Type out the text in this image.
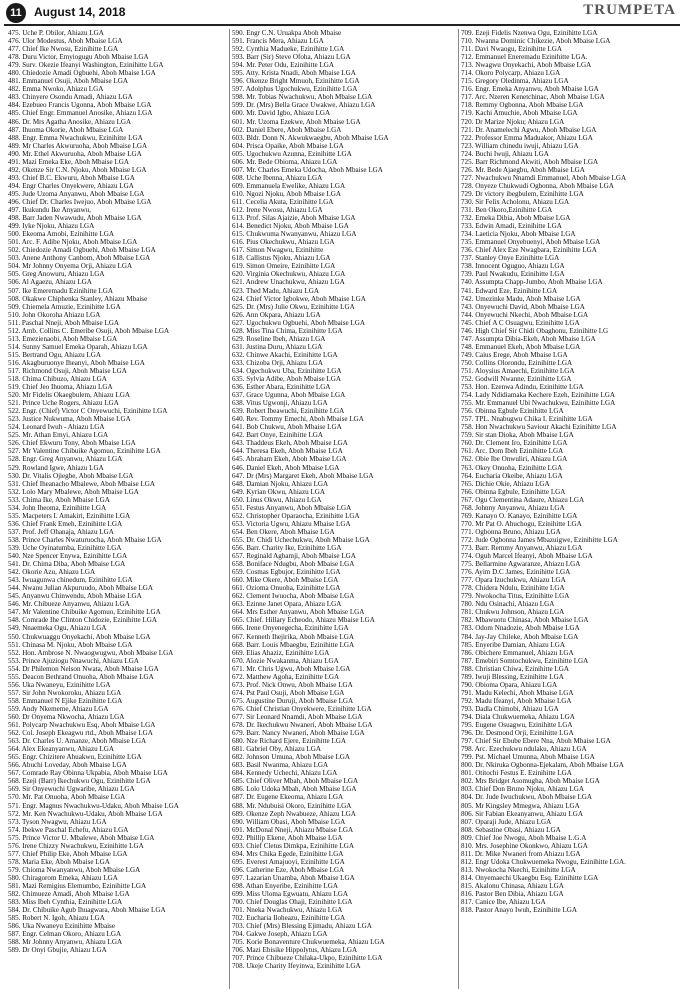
11	August 14, 2018	TRUMPETA
475. Uche P. Obilor, Ahiazu LGA
476. Ulor Modestus, Aboh Mbaise LGA
477. Chief Ike Nwosu, Ezinihitte LGA
478. Duru Victor, Emyiogugu Aboh Mbaise LGA
479. Surv. Okezie Ifeanyi Washington, Ezinihitte LGA
480. Chiedozie Amadi Ogbuehi, Aboh Mbaise LGA
481. Emmanuel Osuji, Aboh Mbaise LGA
482. Emma Nwoko, Ahiazu LGA
483. Chinyere Osondu Amadi, Ahiazu LGA
484. Ezebueo Francis Ugonna, Aboh Mbaise LGA
485. Chief Engr. Emmanuel Anosike, Ahiazu LGA
486. Dr. Mrs Agatha Anosike, Ahiazu LGA
487. Ihuoma Okorie, Aboh Mbaise LGA
488. Engr. Emma Nwachukwu, Ezinihitte LGA
489. Mr Charles Akwuruoha, Aboh Mbaise LGA
490. Mr. Ethel Akwuruoha, Aboh Mbaise LGA
491. Mazi Emeka Eke, Aboh Mbaise LGA
492. Okenze Sir C.N. Njoku, Aboh Mbaise LGA
493. Chief B.C. Ekwuru, Aboh Mbaise LGA
494. Engr Charles Onyekwere, Ahiazu LGA
495. Jude Uzoma Anyanwu, Aboh Mbaise LGA
496. Chief Dr. Charles Iwejuo, Aboh Mbaise LGA
497. Ikukundu Ike Anyanwu,
498. Barr Jaden Nwawudu, Aboh Mbaise LGA
499. Iyke Njoku, Ahiazu LGA
500. Ekeoma Amobi, Ezinihitte LGA
501. Arc. F. Adibe Njoku, Aboh Mbaise LGA
502. Chiedozie Amadi Ogbuehi, Aboh Mbaise LGA
503. Anene Anthony Canbom, Aboh Mbaise LGA
504. Mr Johnny Onyema Orji, Ahiazu LGA
505. Greg Anowuru, Ahiazu LGA
506. Al Agaezu, Ahiazu LGA
507. Ike Emeremadu Ezinihitte LGA
508. Okakwe Chiphenka Stanley, Ahiazu Mbaise
509. Chiemela Amuzie, Ezinihitte LGA
510. John Okoroha Ahiazu LGA
511. Paschal Nneji, Aboh Mbaise LGA
512. Amb. Collins C. Emeribe Osuji, Aboh Mbaise LGA
513. Emezienaobi, Aboh Mbaise LGA
514. Sunny Samuel Emeka Oparah, Ahiazu LGA
515. Bertrand Ogu, Ahiazu LGA
516. Akagburuonye Iheanyi, Aboh Mbaise LGA
517. Richmond Osuji, Aboh Mbaise LGA
518. Chima Chibuzo, Ahiazu LGA
519. Chief Jeo Ihuoma, Ahiazu LGA
520. Mr Fidelis Okaegbulem, Ahiazu LGA
521. Prince Uche Rogers, Ahiazu LGA
522. Engr. (Chief) Victor C Onyewuchi, Ezinihitte LGA
523. Justice Nukwuma, Aboh Mbaise LGA
524. Leonard Iwuh - Ahiazu LGA
525. Mr. Athan Emyi, Ahiazu LGA
526. Chief Ekwuru Tony, Aboh Mbaise LGA
527. Mr Valentine Chibuike Agomuo, Ezinihitte LGA
528. Engr. Greg Anyanwu, Ahiazu LGA
529. Rowland Igwe, Ahiazu LGA
530. Dr. Vitalis Ojiegbe, Aboh Mbaise LGA
531. Chief Iheanacho Mbalewe, Aboh Mbaise LGA
532. Lolo Mary Mbalewe, Aboh Mbaise LGA
533. Chima Ike, Aboh Mbaise LGA
534. John Iheoma, Ezinihitte LGA
535. Macpeters I. Amakiri, Ezinihitte LGA
536. Chief Frank Emeh, Ezinihitte LGA
537. Prof. Jeff Ohanaja, Ahiazu LGA
538. Prince Charles Nwaturuocha, Aboh Mbaise LGA
539. Uche Oyinatumba, Ezinihitte LGA
540. Nze Spencer Enywa, Ezinihitte LGA
541. Dr. Chima Diba, Aboh Mbaise LGA
542. Okorie Azu, Ahiazu LGA
543. Iwuagunwa chinedum, Ezinihitte LGA
544. Nwanu Julian Akpuruudo, Aboh Mbaise LGA
545. Anyanwu Chinwendu, Aboh Mbaise LGA
546. Mr. Chibueze Anyanwu, Ahiazu LGA
547. Mr Valentine Chibuike Agomuo, Ezinihitte LGA
548. Comrade Ihe Clinton Chidozie, Ezinihitte LGA
549. Nnaemeka Ogu, Ahiazu LGA
550. Chukwuaggu Onyekachi, Aboh Mbaise LGA
551. Chinasa M. Njoku, Aboh Mbaise LGA
552. Hon. Ambrose N. Nwaogwugwu, Aboh Mbaise LGA
553. Prince Ajuziogu Nnawuchi, Ahiazu LGA
554. Dr Philemon Nelson Nwata, Aboh Mbaise LGA
555. Deacon Bethrand Onuoha, Aboh Mbaise LGA
556. Uka Nwaneyu, Ezinihitte LGA
557. Sir John Nwokoroku, Ahiazu LGA
558. Emmanuel N Ejike Ezinihitte LGA
559. Andy Nkememe, Ahiazu LGA
560. Dr Onyema Nkwocha, Ahiazu LGA
561. Polycarp Nwachukwu Esq, Aboh Mbaise LGA
562. Col. Joseph Ekeagwu rtd., Aboh Mbaise LGA
563. Dr. Charles U. Amanze, Aboh Mbaise LGA
564. Alex Ekeanyanwu, Ahiazu LGA
565. Engr. Chizitere Ahuakwu, Ezinihitte LGA
566. Abuchi Loveday, Aboh Mbaise LGA
567. Comrade Ray Obinna Ukpabia, Aboh Mbaise LGA
568. Ezeji (Barr) Ikechukwu Ogu, Ezinihitte LGA
569. Sir Onyewuchi Ugwaribe, Ahiazu LGA
570. Mr. Pat Onuoha, Aboh Mbaise LGA
571. Engr. Magnus Nwachukwu-Udaku, Aboh Mbaise LGA
572. Mr. Ken Nwachukwu-Udaku, Aboh Mbaise LGA
573. Tyson Nwagwu, Ahiazu LGA
574. Ibekwe Paschal Echefu, Ahiazu LGA
575. Prince Victor U. Mbalewe, Aboh Mbaise LGA
576. Irene Chizzy Nwachukwu, Ezinihitte LGA
577. Chief Philip Eke, Aboh Mbaise LGA
578. Maria Eke, Aboh Mbaise LGA
579. Chioma Nwanyanwu, Aboh Mbaise LGA
580. Chiragorom Emeka, Ahiazu LGA
581. Mazi Remigius Elemumbo, Ezinihitte LGA
582. Chimueze Amadi, Aboh Mbaise LGA
583. Miss Ibeh Cynthia, Ezinihitte LGA
584. Dr. Chibuike Agub Ihuagwara, Aboh Mbaise LGA
585. Robert N. Igoh, Ahiazu LGA
586. Uka Nwaneyu Ezinihitte Mbaise
587. Engr. Celman Okoro, Ahiazu LGA
588. Mr Johnny Anyanwu, Ahiazu LGA
589. Dr Onyi Gbujie, Ahiazu LGA
590. Engr C.N. Uruakpa Aboh Mbaise
591. Francis Mera, Ahiazu LGA
592. Cynthia Madueke, Ezinihitte LGA
593. Barr (Sir) Steve Ofoha, Ahiazu LGA
594. Mr. Peter Odu, Ezinihitte LGA
595. Atty. Krista Nnadi, Aboh Mbaise LGA
596. Okenze Bright Mmuoh, Ezinihitte LGA
597. Adolphus Ugochukwu, Ezinihitte LGA
598. Mr. Tobias Nwachukwu, Aboh Mbaise LGA
599. Dr. (Mrs) Bella Grace Uwakwe, Ahiazu LGA
600. Mr. David Igbo, Ahiazu LGA
601. Mr. Uzoma Ezekwe, Aboh Mbaise LGA
602. Daniel Ebere, Aboh Mbaise LGA
603. Bldr. Donn N. Akwukwaegbu, Aboh Mbaise LGA
604. Prisca Opaike, Aboh Mbaise LGA
605. Ugochukwu Azunna, Ezinihitte LGA
606. Mr. Bede Obioma, Ahiazu LGA
607. Mr. Charles Emeka Udocha, Aboh Mbaise LGA
608. Uche Ibenna, Ahiazu LGA
609. Emmanuela Ewelike, Ahiazu LGA
610. Ngozi Njoku, Aboh Mbaise LGA
611. Cecelia Akuta, Ezinihitte LGA
612. Irene Nwosu, Ahiazu LGA
613. Prof. Silas Ajaizie, Aboh Mbaise LGA
614. Benedict Njoku, Aboh Mbaise LGA
615. Chukwuma Nwanyanwu, Ahiazu LGA
616. Pius Okechukwu, Ahiazu LGA
617. Simon Nwagwu, Ezinihitte
618. Callistus Njoku, Ahiazu LGA
619. Simon Omeire, Ezinihitte LGA
620. Virginia Okechukwu, Ahiazu LGA
621. Andrew Unachukwu, Ahiazu LGA
623. Thed Madu, Ahiazu LGA
624. Chief Victor Igbokwe, Aboh Mbaise LGA
625. Dr. (Mrs) Julie Okwu, Ezinihitte LGA
626. Ann Okpara, Ahiazu LGA
627. Ugochukwu Ogbuehi, Aboh Mbaise LGA
628. Miss Tina Chima, Ezinihitte LGA
629. Roseline Ibeh, Ahiazu LGA
631. Justina Duru, Ahiazu LGA
632. Chinwe Akachi, Ezinihitte LGA
633. Chizoba Orji, Ahiazu LGA
634. Ogechukwu Uba, Ezinihitte LGA
635. Sylvia Adibe, Aboh Mbaise LGA
636. Esther Abara, Ezinihitte LGA
637. Grace Ugunna, Aboh Mbaise LGA
638. Vitus Ugwonji, Ahiazu LGA
639. Robert Ibeawuchi, Ezinihitte LGA
640. Rev. Tommy Emechi, Aboh Mbaise LGA
641. Bob Chukwu, Aboh Mbaise LGA
642. Bart Onye, Ezinihitte LGA
643. Thaddeus Ekeh, Aboh Mbaise LGA
644. Theresa Ekeh, Aboh Mbaise LGA
645. Abraham Ekeh, Aboh Mbaise LGA
646. Daniel Ekeh, Aboh Mbaise LGA
647. Dr (Mrs) Margaret Ekeh, Aboh Mbaise LGA
648. Damian Njoku, Ahiazu LGA
649. Kyrian Okwu, Ahiazu LGA
650. Linus Okwu, Ahiazu LGA
651. Festus Anyanwu, Aboh Mbaise LGA
652. Christopher Oparaocha, Ezinihitte LGA
653. Victoria Ugwu, Ahiazu Mbaise LGA
654. Ben Okere, Aboh Mbaise LGA
655. Dr. Chidi Uchechukwu, Aboh Mbaise LGA
656. Barr. Charity Ike, Ezinihitte LGA
657. Reginald Agbamji, Aboh Mbaise LGA
658. Boniface Ndugbu, Aboh Mbaise LGA
659. Cosmas Egbujor, Ezinihitte LGA
660. Mike Okere, Aboh Mbaise LGA
661. Ozioma Onuoha, Ezinihitte LGA
662. Clement Iwuocha, Aboh Mbaise LGA
663. Ezinne Janet Opara, Ahiazu LGA
664. Mrs Esther Anyanwu, Aboh Mbaise LGA
665. Chief. Hillary Echeodo, Ahiazu Mbaise LGA
666. Irene Onyenegecha, Ezinihitte LGA
667. Kenneth Ihejirika, Aboh Mbaise LGA
668. Barr. Louis Mbaegbu, Ezinihitte LGA
669. Elias Ahaziz, Ezinihitte LGA
670. Alozie Nwakanma, Ahiazu LGA
671. Mr. Chris Ugwu, Aboh Mbaise LGA
672. Matthew Agoha, Ezinihitte LGA
673. Prof. Nick Onwu, Aboh Mbaise LGA
674. Pst Paul Osuji, Aboh Mbaise LGA
675. Augustine Duruji, Aboh Mbaise LGA
676. Chief Christian Onyekwere, Ezinihitte LGA
677. Sir Leonard Nnamdi, Aboh Mbaise LGA
678. Dr. Ikechukwu Nwaneri, Aboh Mbaise LGA
679. Barr. Nancy Nwaneri, Aboh Mbaise LGA
680. Nze Richard Ejere, Ezinihitte LGA
681. Gabriel Oby, Ahiazu LGA
682. Johnson Umuna, Aboh Mbaise LGA
683. Basil Nwanma, Ahiazu LGA
684. Kennedy Uchechi, Ahiazu LGA
685. Chief Oliver Mbah, Aboh Mbaise LGA
686. Lolo Udoka Mbah, Aboh Mbaise LGA
687. Dr. Eugene Ekeoma, Ahiazu LGA
688. Mr. Ndubuisi Okoro, Ezinihitte LGA
689. Okenze Zeph Nwabueze, Ahiazu LGA
690. William Obasi, Aboh Mbaise LGA
691. McDonal Nneji, Ahiazu Mbaise LGA
692. Phillip Ekene, Aboh Mbaise LGA
693. Chief Cletus Dimkpa, Ezinihitte LGA
694. Mrs Chika Egede, Ezinihitte LGA
695. Everest Amajuoyi, Ezinihitte LGA
696. Catherine Eze, Aboh Mbaise LGA
697. Lazarian Unamba, Aboh Mbaise LGA
698. Athan Enyeribe, Ezinihitte LGA
699. Miss Uloma Egwuatu, Ahiazu LGA
700. Chief Douglas Ohaji, Ezinihitte LGA
701. Nneka Nwachukwu, Ahiazu LGA
702. Eucharia Iloheazu, Ezinihitte LGA
703. Chief (Mrs) Blessing Ejimadu, Ahiazu LGA
704. Gakwe Joseph, Ahiazu LGA
705. Korie Bonaventure Chukwuemeka, Ahiazu LGA
706. Mazi Ebisike Hippolytus, Ahiazu LGA
707. Prince Chibueze Chilaka-Ukpo, Ezinihitte LGA
708. Ukeje Charity Ifeyinwa, Ezinihitte LGA
709. Ezeji Fidelis Nzenwa Ogu, Ezinihitte LGA
710. Nwanna Dominic Chikezie, Aboh Mbaise LGA
711. Davi Nwaogu, Ezinihitte LGA
712. Emmanuel Eneremadu Ezinihitte LGA.
713. Nwagwu Onyekachi, Aboh Mbaise LGA
714. Okoro Polycarp, Ahiazu LGA
715. Gregory Oledinma, Ahiazu LGA
716. Engr. Emeka Anyanwu, Aboh Mbaise LGA
717. Arc. Nzeren Kenetchinac, Aboh Mbaise LGA
718. Remmy Ogbonna, Aboh Mbaise LGA
719. Kachi Amuchie, Aboh Mbaise LGA
720. Dr Marize Njoku; Ahiazu LGA
721. Dr. Anamelechi Agwu, Aboh Mbaise LGA
722. Professor Emma Maduakor, Ahiazu LGA
723. William chinedu iwuji, Ahiazu LGA
724. Buchi Iwuji, Ahiazu LGA
725. Barr Richmond Akwiti, Aboh Mbaise LGA
726. Mr. Bede Ajaegbu, Aboh Mbaise LGA
727. Nwachukwu Nnamdi Emmanuel, Aboh Mbaise LGA
728. Onyeze Chukwudi Ogbonna, Aboh Mbaise LGA
729. Dr victory ibegbulem, Ezinihitte LGA
730. Sir Felix Acholonu, Ahiazu LGA
731. Ben Okoro,Ezinihitte LGA
732. Emeka Dibia, Aboh Mbaise LGA
733. Edwin Amadi, Ezinihitte LGA
734. Laeticia Njoku, Aboh Mbaise LGA
735. Emmanuel Onyebuenyi, Aboh Mbaise LGA
736. Chief Alex Eze Nwagbara, Ezinihitte LGA
737. Stanley Onye Ezinihitte LGA
738. Innocent Oguguo, Ahiazu LGA
739. Paul Nwakudu, Ezinihitte LGA
740. Assumpta Chapp-Jumbo, Aboh Mbaise LGA
741. Edward Eze, Ezinihitte LGA
742. Umezinke Madu, Aboh Mbaise LGA
743. Onyewuchi David, Aboh Mbaise LGA
744. Onyewuchi Nkechi, Aboh Mbaise LGA
745. Chief A C Osuagwu, Ezinihitte LGA
746. High Chief Sir Chidi Obaghonu, Ezinihitte LG
747. Assumpta Dibia-Ekeh, Aboh Mbaise LGA
748. Emmanuel Ekeh, Aboh Mbaise LGA
749. Caius Erege, Aboh Mbaise LGA
750. Collins Olorondu, Ezinihitte LGA
751. Aloysius Amaechi, Ezinihitte LGA
752. Godwill Nwanne, Ezinihitte LGA
753. Hon. Ezenwa Adindu, Ezinihitte LGA
754. Lady Ndidiamaka Kechere Ezeh, Ezinihitte LGA
755. Mr. Emmanuel Ubi Nwachukwu, Ezinihitte LGA
756. Obinna Egbule Ezinihitte LGA
757. TPL. Nnabugwu Chika I. Ezinihitte LGA
758. Hon Nwachukwu Saviour Akachi Ezinihitte LGA
759. Sir stan Dioka, Aboh Mbaise LGA
760. Dr. Clement Iro, Ezinihitte LGA
761. Arc. Dom Ibeh Ezinihitte LGA
762. Obie Ibe Onwuliri, Ahiazu LGA
763. Okey Onuoha, Ezinihitte LGA
764. Eucharia Okeibe, Ahiazu LGA
765. Dichie Okie, Ahiazu LGA
766. Obinna Egbule, Ezinihitte LGA
767. Ogu Clementina Adaure, Ahiazu LGA
768. Johnny Anyanwu, Ahiazu LGA
769. Kanayo O. Kanayo, Ezinihitte LGA
770. Mr Pat O. Ahuchogu, Ezinihitte LGA
771. Ogbonna Bruno, Ahiazu LGA
772. Jude Ogbonna James Mbazuigwe, Ezinihitte LGA
773. Barr. Remmy Anyanwu, Ahiazu LGA
774. Oguh Marcel Ifeanyi, Aboh Mbaise LGA
775. Bellarmine Agwaranze, Ahiazu LGA
776. Ayim D.C James, Ezinihitte LGA
777. Opara Izuchukwu, Ahiazu LGA
778. Chidera Ndulu, Ezinihitte LGA
779. Nwokocha Titus, Ezinihitte LGA
780. Ndu Osinachi, Ahiazu LGA
781. Chukwu Johnson, Ahiazu LGA
782. Mbawuotu Chinasa, Aboh Mbaise LGA
783. Odom Nnadozie, Aboh Mbaise LGA
784. Jay-Jay Chileke, Aboh Mbaise LGA
785. Enyeribe Damian, Ahiazu LGA
786. Obichere Emmanuel, Ahiazu LGA
787. Emebiri Somtochukwu, Ezinihitte LGA
788. Christian Chiwa, Ezinihitte LGA
789. Iwuji Blessing, Ezinihitte LGA
790. Obioma Opara, Ahiazu LGA
791. Madu Kelechi, Aboh Mbaise LGA
792. Madu Ifeanyi, Aboh Mbaise LGA
793. Dadla Chimobi, Ahiazu LGA
794. Diala Chukwuemeka, Ahiazu LGA
795. Eugene Osuagwu, Ezinihitte LGA
796. Dr. Desmond Orji, Ezinihitte LGA
797. Chief Sir Ebube Ebere Nna, Aboh Mbaise LGA
798. Arc. Ezechukwu ndulaku, Ahiazu LGA
799. Pst. Michael Umunna, Aboh Mbaise LGA
800. Dr. Nkiruka Ogbonna-Ejekalam, Aboh Mbaise LGA
801. Otitochi Festus E. Ezinihitte LGA
802. Mrs Bridget Asomugha, Aboh Mbaise LGA
803. Chief Don Bruno Njoku, Ahiazu LGA
804. Dr. Jude Iwuchukwu, Aboh Mbaise LGA
805. Mr Kingsley Mmegwa, Ahiazu LGA
806. Sir Fabian Ekeanyanwu, Ahiazu LGA
807. Oparaji Jude, Ahiazu LGA
808. Sebastine Obasi, Ahiazu LGA
809. Chief Joe Nwogu, Aboh Mbaise L.G.A
810. Mrs. Josephine Okonkwo, Ahiazu LGA
811. Dr. Mike Nwaneri from Ahiazu LGA
812. Engr Udoka Chukwuemeka Nwogu, Ezinihitte LGA.
813. Nwokocha Nkechi, Ezinihitte LGA
814. Onyemaechi Ukaegbu Esq. Ezinihitte LGA
815. Akalonu Chinasa, Ahiazu LGA
816. Pastor Ben Dibia, Ahiazu LGA
817. Canice Ibe, Ahiazu LGA
818. Pastor Anayo Iwuh, Ezinihitte LGA
